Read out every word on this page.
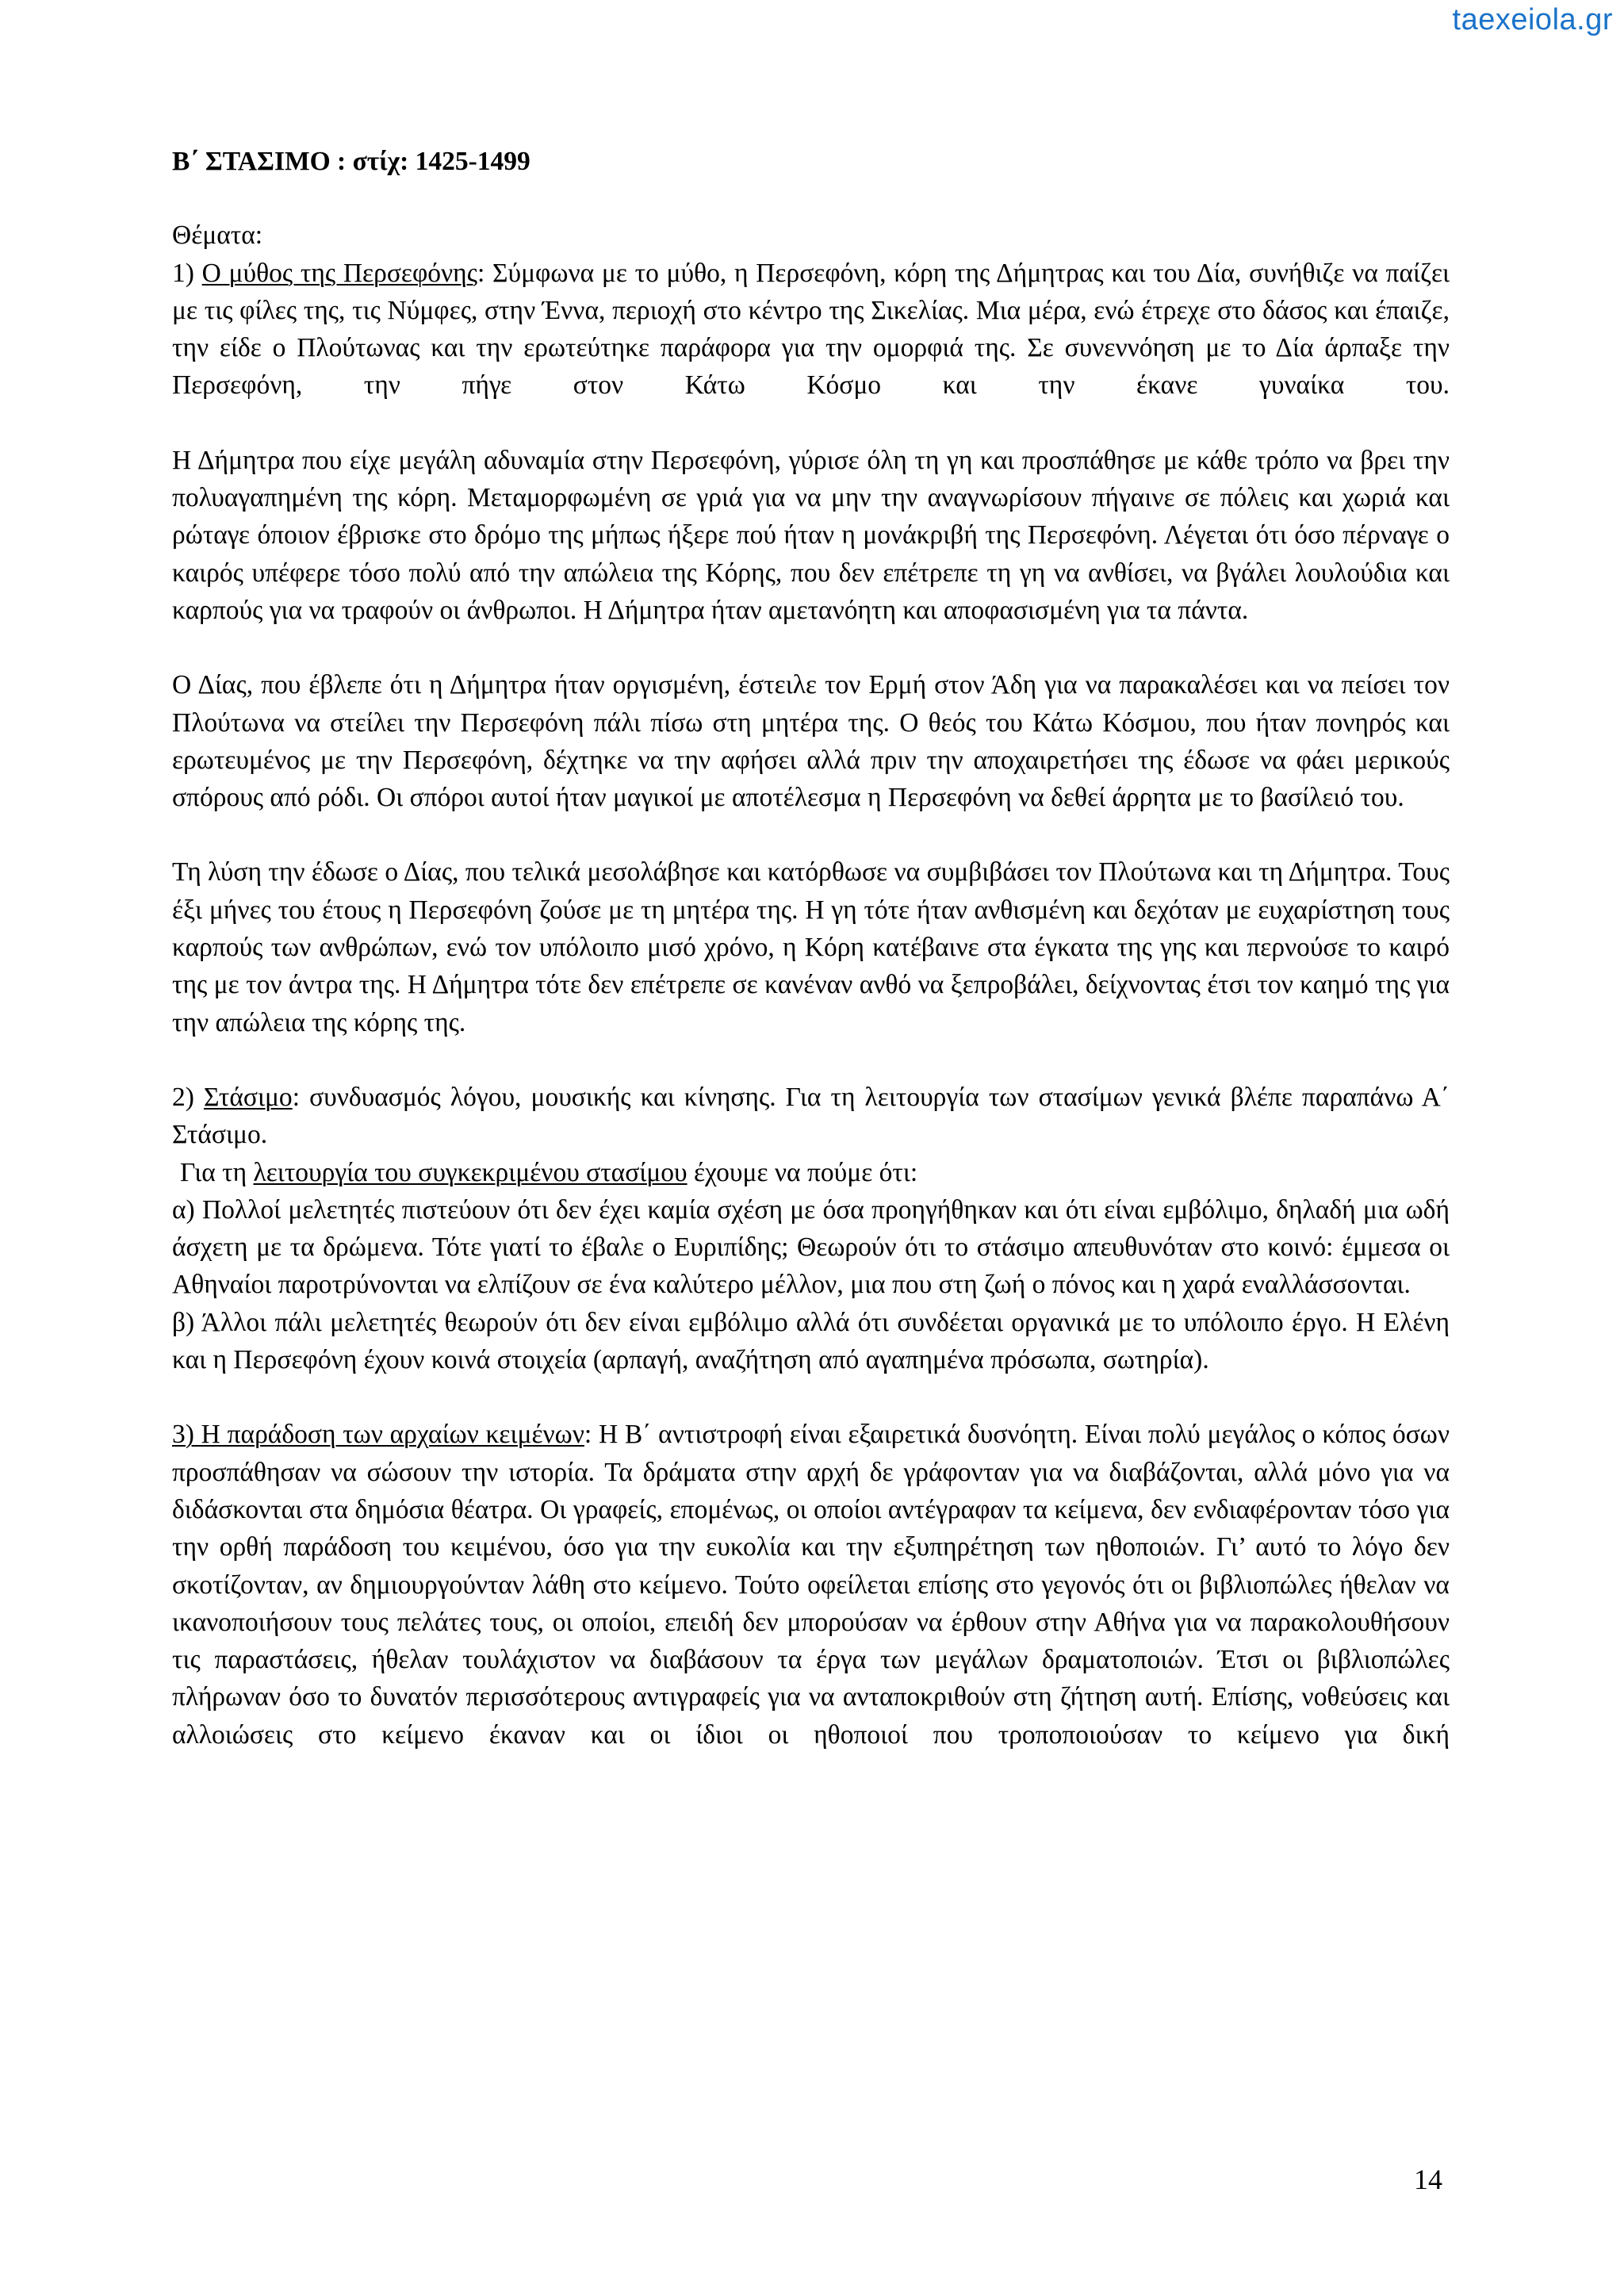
taexeiola.gr

Β΄ ΣΤΑΣΙΜΟ : στίχ: 1425-1499

Θέματα:

1) Ο μύθος της Περσεφόνης: Σύμφωνα με το μύθο, η Περσεφόνη, κόρη της Δήμητρας και του Δία, συνήθιζε να παίζει με τις φίλες της, τις Νύμφες, στην Έννα, περιοχή στο κέντρο της Σικελίας. Μια μέρα, ενώ έτρεχε στο δάσος και έπαιζε, την είδε ο Πλούτωνας και την ερωτεύτηκε παράφορα για την ομορφιά της. Σε συνεννόηση με το Δία άρπαξε την Περσεφόνη, την πήγε στον Κάτω Κόσμο και την έκανε γυναίκα του.

Η Δήμητρα που είχε μεγάλη αδυναμία στην Περσεφόνη, γύρισε όλη τη γη και προσπάθησε με κάθε τρόπο να βρει την πολυαγαπημένη της κόρη. Μεταμορφωμένη σε γριά για να μην την αναγνωρίσουν πήγαινε σε πόλεις και χωριά και ρώταγε όποιον έβρισκε στο δρόμο της μήπως ήξερε πού ήταν η μονάκριβή της Περσεφόνη. Λέγεται ότι όσο πέρναγε ο καιρός υπέφερε τόσο πολύ από την απώλεια της Κόρης, που δεν επέτρεπε τη γη να ανθίσει, να βγάλει λουλούδια και καρπούς για να τραφούν οι άνθρωποι. Η Δήμητρα ήταν αμετανόητη και αποφασισμένη για τα πάντα.

Ο Δίας, που έβλεπε ότι η Δήμητρα ήταν οργισμένη, έστειλε τον Ερμή στον Άδη για να παρακαλέσει και να πείσει τον Πλούτωνα να στείλει την Περσεφόνη πάλι πίσω στη μητέρα της. Ο θεός του Κάτω Κόσμου, που ήταν πονηρός και ερωτευμένος με την Περσεφόνη, δέχτηκε να την αφήσει αλλά πριν την αποχαιρετήσει της έδωσε να φάει μερικούς σπόρους από ρόδι. Οι σπόροι αυτοί ήταν μαγικοί με αποτέλεσμα η Περσεφόνη να δεθεί άρρητα με το βασίλειό του.

Τη λύση την έδωσε ο Δίας, που τελικά μεσολάβησε και κατόρθωσε να συμβιβάσει τον Πλούτωνα και τη Δήμητρα. Τους έξι μήνες του έτους η Περσεφόνη ζούσε με τη μητέρα της. Η γη τότε ήταν ανθισμένη και δεχόταν με ευχαρίστηση τους καρπούς των ανθρώπων, ενώ τον υπόλοιπο μισό χρόνο, η Κόρη κατέβαινε στα έγκατα της γης και περνούσε το καιρό της με τον άντρα της. Η Δήμητρα τότε δεν επέτρεπε σε κανέναν ανθό να ξεπροβάλει, δείχνοντας έτσι τον καημό της για την απώλεια της κόρης της.

2) Στάσιμο: συνδυασμός λόγου, μουσικής και κίνησης. Για τη λειτουργία των στασίμων γενικά βλέπε παραπάνω Α΄ Στάσιμο.

Για τη λειτουργία του συγκεκριμένου στασίμου έχουμε να πούμε ότι:

α) Πολλοί μελετητές πιστεύουν ότι δεν έχει καμία σχέση με όσα προηγήθηκαν και ότι είναι εμβόλιμο, δηλαδή μια ωδή άσχετη με τα δρώμενα. Τότε γιατί το έβαλε ο Ευριπίδης; Θεωρούν ότι το στάσιμο απευθυνόταν στο κοινό: έμμεσα οι Αθηναίοι παροτρύνονται να ελπίζουν σε ένα καλύτερο μέλλον, μια που στη ζωή ο πόνος και η χαρά εναλλάσσονται.

β) Άλλοι πάλι μελετητές θεωρούν ότι δεν είναι εμβόλιμο αλλά ότι συνδέεται οργανικά με το υπόλοιπο έργο. Η Ελένη και η Περσεφόνη έχουν κοινά στοιχεία (αρπαγή, αναζήτηση από αγαπημένα πρόσωπα, σωτηρία).

3) Η παράδοση των αρχαίων κειμένων: Η Β΄ αντιστροφή είναι εξαιρετικά δυσνόητη. Είναι πολύ μεγάλος ο κόπος όσων προσπάθησαν να σώσουν την ιστορία. Τα δράματα στην αρχή δε γράφονταν για να διαβάζονται, αλλά μόνο για να διδάσκονται στα δημόσια θέατρα. Οι γραφείς, επομένως, οι οποίοι αντέγραφαν τα κείμενα, δεν ενδιαφέρονταν τόσο για την ορθή παράδοση του κειμένου, όσο για την ευκολία και την εξυπηρέτηση των ηθοποιών. Γι’ αυτό το λόγο δεν σκοτίζονταν, αν δημιουργούνταν λάθη στο κείμενο. Τούτο οφείλεται επίσης στο γεγονός ότι οι βιβλιοπώλες ήθελαν να ικανοποιήσουν τους πελάτες τους, οι οποίοι, επειδή δεν μπορούσαν να έρθουν στην Αθήνα για να παρακολουθήσουν τις παραστάσεις, ήθελαν τουλάχιστον να διαβάσουν τα έργα των μεγάλων δραματοποιών. Έτσι οι βιβλιοπώλες πλήρωναν όσο το δυνατόν περισσότερους αντιγραφείς για να ανταποκριθούν στη ζήτηση αυτή. Επίσης, νοθεύσεις και αλλοιώσεις στο κείμενο έκαναν και οι ίδιοι οι ηθοποιοί που τροποποιούσαν το κείμενο για δική

14
